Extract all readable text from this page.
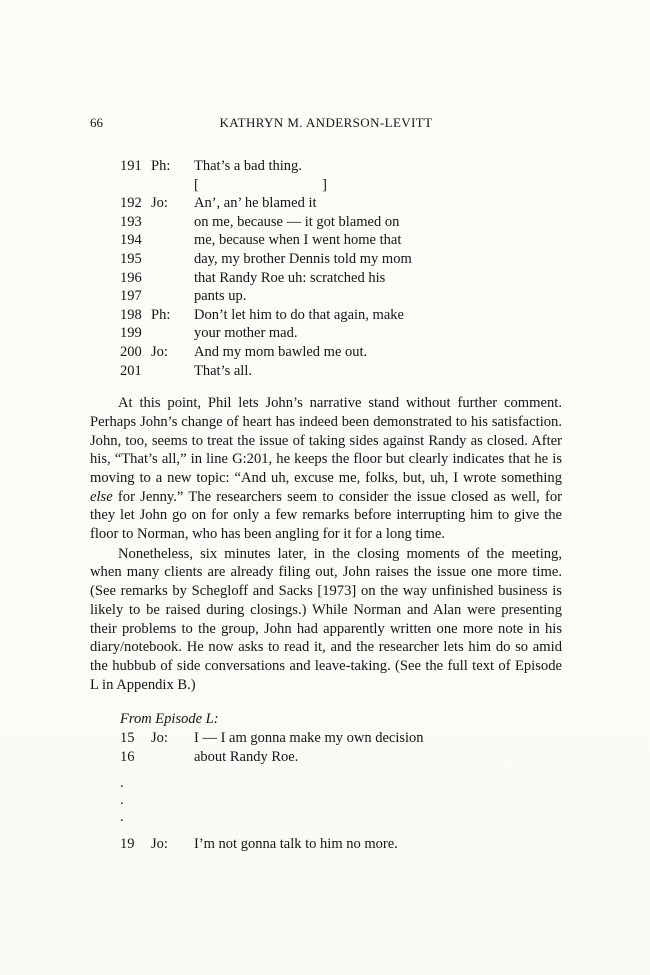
66	KATHRYN M. ANDERSON-LEVITT
191 Ph:	That’s a bad thing.
[                                  ]
192 Jo:	An’, an’ he blamed it
193	on me, because — it got blamed on
194	me, because when I went home that
195	day, my brother Dennis told my mom
196	that Randy Roe uh: scratched his
197	pants up.
198 Ph:	Don’t let him to do that again, make
199	your mother mad.
200 Jo:	And my mom bawled me out.
201	That’s all.

At this point, Phil lets John’s narrative stand without further comment. Perhaps John’s change of heart has indeed been demonstrated to his satisfaction. John, too, seems to treat the issue of taking sides against Randy as closed. After his, “That’s all,” in line G:201, he keeps the floor but clearly indicates that he is moving to a new topic: “And uh, excuse me, folks, but, uh, I wrote something else for Jenny.” The researchers seem to consider the issue closed as well, for they let John go on for only a few remarks before interrupting him to give the floor to Norman, who has been angling for it for a long time.

Nonetheless, six minutes later, in the closing moments of the meeting, when many clients are already filing out, John raises the issue one more time. (See remarks by Schegloff and Sacks [1973] on the way unfinished business is likely to be raised during closings.) While Norman and Alan were presenting their problems to the group, John had apparently written one more note in his diary/notebook. He now asks to read it, and the researcher lets him do so amid the hubbub of side conversations and leave-taking. (See the full text of Episode L in Appendix B.)

From Episode L:
15	Jo:	I — I am gonna make my own decision
16	about Randy Roe.
.
.
.
19	Jo:	I’m not gonna talk to him no more.
